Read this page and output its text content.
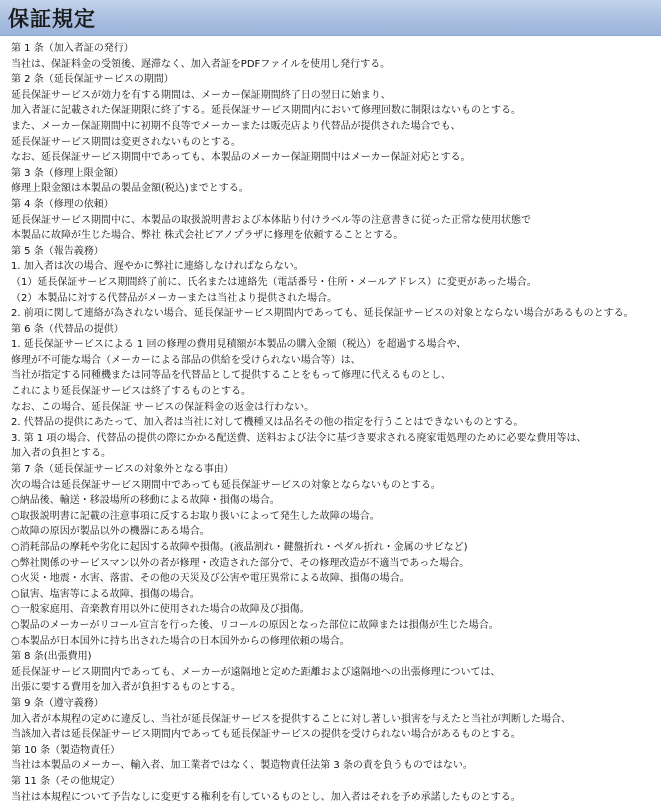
保証規定
第 1 条（加入者証の発行）
当社は、保証料金の受領後、遅滞なく、加入者証をPDFファイルを使用し発行する。
第 2 条（延長保証サービスの期間）
延長保証サービスが効力を有する期間は、メーカー保証期間終了日の翌日に始まり、
加入者証に記載された保証期限に終了する。延長保証サービス期間内において修理回数に制限はないものとする。
また、メーカー保証期間中に初期不良等でメーカーまたは販売店より代替品が提供された場合でも、
延長保証サービス期間は変更されないものとする。
なお、延長保証サービス期間中であっても、本製品のメーカー保証期間中はメーカー保証対応とする。
第 3 条（修理上限金額）
修理上限金額は本製品の製品金額(税込)までとする。
第 4 条（修理の依頼）
延長保証サービス期間中に、本製品の取扱説明書および本体貼り付けラベル等の注意書きに従った正常な使用状態で
本製品に故障が生じた場合、弊社 株式会社ピアノプラザに修理を依頼することとする。
第 5 条（報告義務）
1. 加入者は次の場合、遅やかに弊社に連絡しなければならない。
（1）延長保証サービス期間終了前に、氏名または連絡先（電話番号・住所・メールアドレス）に変更があった場合。
（2）本製品に対する代替品がメーカーまたは当社より提供された場合。
2. 前項に関して連絡が為されない場合、延長保証サービス期間内であっても、延長保証サービスの対象とならない場合があるものとする。
第 6 条（代替品の提供）
1. 延長保証サービスによる 1 回の修理の費用見積額が本製品の購入金額（税込）を超過する場合や、
修理が不可能な場合（メーカーによる部品の供給を受けられない場合等）は、
当社が指定する同種機または同等品を代替品として提供することをもって修理に代えるものとし、
これにより延長保証サービスは終了するものとする。
なお、この場合、延長保証 サービスの保証料金の返金は行わない。
2. 代替品の提供にあたって、加入者は当社に対して機種又は品名その他の指定を行うことはできないものとする。
3. 第 1 項の場合、代替品の提供の際にかかる配送費、送料および法令に基づき要求される廃家電処理のために必要な費用等は、
加入者の負担とする。
第 7 条（延長保証サービスの対象外となる事由）
次の場合は延長保証サービス期間中であっても延長保証サービスの対象とならないものとする。
○納品後、輸送・移設場所の移動による故障・損傷の場合。
○取扱説明書に記載の注意事項に反するお取り扱いによって発生した故障の場合。
○故障の原因が製品以外の機器にある場合。
○消耗部品の摩耗や劣化に起因する故障や損傷。(液晶割れ・鍵盤折れ・ペダル折れ・金属のサビなど)
○弊社関係のサービスマン以外の者が修理・改造された部分で、その修理改造が不適当であった場合。
○火災・地震・水害、落雷、その他の天災及び公害や電圧異常による故障、損傷の場合。
○鼠害、塩害等による故障、損傷の場合。
○一般家庭用、音楽教育用以外に使用された場合の故障及び損傷。
○製品のメーカーがリコール宣言を行った後、リコールの原因となった部位に故障または損傷が生じた場合。
○本製品が日本国外に持ち出された場合の日本国外からの修理依頼の場合。
第 8 条(出張費用)
延長保証サービス期間内であっても、メーカーが遠隔地と定めた距離および遠隔地への出張修理については、
出張に要する費用を加入者が負担するものとする。
第 9 条（遵守義務）
加入者が本規程の定めに違反し、当社が延長保証サービスを提供することに対し著しい損害を与えたと当社が判断した場合、
当該加入者は延長保証サービス期間内であっても延長保証サービスの提供を受けられない場合があるものとする。
第 10 条（製造物責任）
当社は本製品のメーカー、輸入者、加工業者ではなく、製造物責任法第 3 条の責を負うものではない。
第 11 条（その他規定）
当社は本規程について予告なしに変更する権利を有しているものとし、加入者はそれを予め承諾したものとする。
